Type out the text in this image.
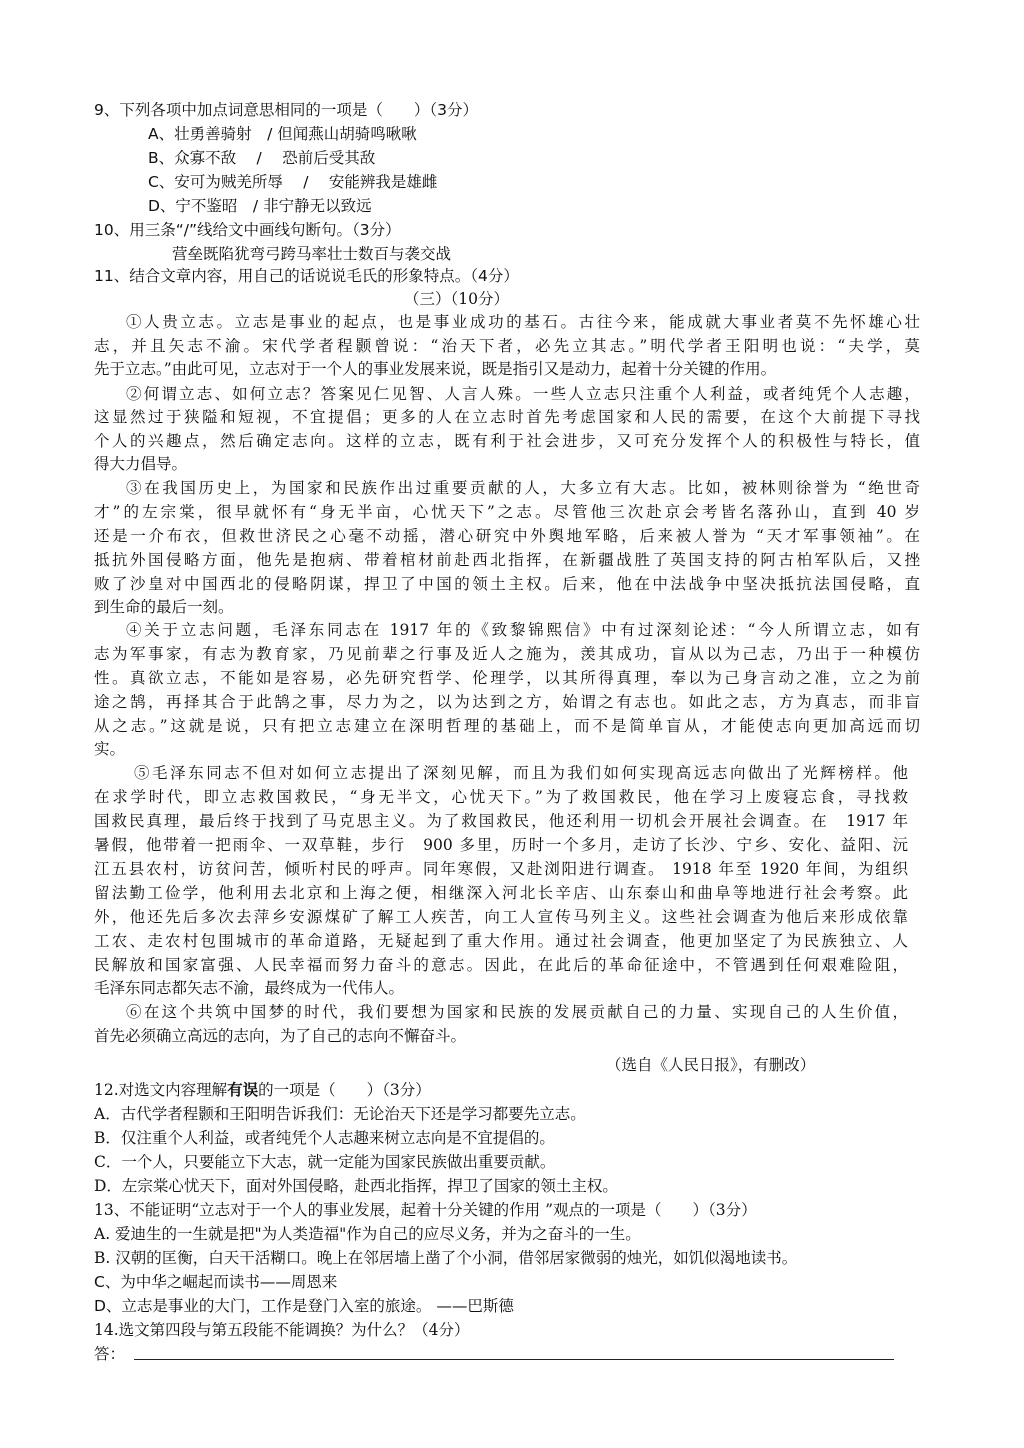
9、下列各项中加点词意思相同的一项是（　　）（3分）
A、壮勇善骑射　/ 但闻燕山胡骑鸣啾啾
B、众寡不敌　 /　 恐前后受其敌
C、安可为贼羌所辱　 /　 安能辨我是雄雌
D、宁不鉴昭　/ 非宁静无以致远
10、用三条“/”线给文中画线句断句。（3分）
营垒既陷犹弯弓跨马率壮士数百与袭交战
11、结合文章内容，用自己的话说说毛氏的形象特点。（4分）
（三）（10分）
①人贵立志。立志是事业的起点，也是事业成功的基石。古往今来，能成就大事业者莫不先怀雄心壮
志，并且矢志不渝。宋代学者程颢曾说：“治天下者，必先立其志。”明代学者王阳明也说：“夫学，莫
先于立志。”由此可见，立志对于一个人的事业发展来说，既是指引又是动力，起着十分关键的作用。
②何谓立志、如何立志？答案见仁见智、人言人殊。一些人立志只注重个人利益，或者纯凭个人志趣，
这显然过于狭隘和短视，不宜提倡；更多的人在立志时首先考虑国家和人民的需要，在这个大前提下寻找
个人的兴趣点，然后确定志向。这样的立志，既有利于社会进步，又可充分发挥个人的积极性与特长，值
得大力倡导。
③在我国历史上，为国家和民族作出过重要贡献的人，大多立有大志。比如，被林则徐誉为 “绝世奇
才”的左宗棠，很早就怀有“身无半亩，心忧天下”之志。尽管他三次赴京会考皆名落孙山，直到 40 岁
还是一介布衣，但救世济民之心毫不动摇，潜心研究中外舆地军略，后来被人誉为 “天才军事领袖”。在
抵抗外国侵略方面，他先是抱病、带着棺材前赴西北指挥，在新疆战胜了英国支持的阿古柏军队后，又挫
败了沙皇对中国西北的侵略阴谋，捍卫了中国的领土主权。后来，他在中法战争中坚决抵抗法国侵略，直
到生命的最后一刻。
④关于立志问题，毛泽东同志在 1917 年的《致黎锦熙信》中有过深刻论述：“今人所谓立志，如有
志为军事家，有志为教育家，乃见前辈之行事及近人之施为，羡其成功，盲从以为己志，乃出于一种模仿
性。真欲立志，不能如是容易，必先研究哲学、伦理学，以其所得真理，奉以为己身言动之准，立之为前
途之鹄，再择其合于此鹄之事，尽力为之，以为达到之方，始谓之有志也。如此之志，方为真志，而非盲
从之志。”这就是说，只有把立志建立在深明哲理的基础上，而不是简单盲从，才能使志向更加高远而切
实。
⑤毛泽东同志不但对如何立志提出了深刻见解，而且为我们如何实现高远志向做出了光辉榜样。他
在求学时代，即立志救国救民，“身无半文，心忧天下。”为了救国救民，他在学习上废寝忘食，寻找救
国救民真理，最后终于找到了马克思主义。为了救国救民，他还利用一切机会开展社会调查。在　1917 年
暑假，他带着一把雨伞、一双草鞋，步行　900 多里，历时一个多月，走访了长沙、宁乡、安化、益阳、沅
江五县农村，访贫问苦，倾听村民的呼声。同年寒假，又赴浏阳进行调查。 1918 年至 1920 年间，为组织
留法勤工俭学，他利用去北京和上海之便，相继深入河北长辛店、山东泰山和曲阜等地进行社会考察。此
外，他还先后多次去萍乡安源煤矿了解工人疾苦，向工人宣传马列主义。这些社会调查为他后来形成依靠
工农、走农村包围城市的革命道路，无疑起到了重大作用。通过社会调查，他更加坚定了为民族独立、人
民解放和国家富强、人民幸福而努力奋斗的意志。因此，在此后的革命征途中，不管遇到任何艰难险阻，
毛泽东同志都矢志不渝，最终成为一代伟人。
⑥在这个共筑中国梦的时代，我们要想为国家和民族的发展贡献自己的力量、实现自己的人生价值，
首先必须确立高远的志向，为了自己的志向不懈奋斗。
（选自《人民日报》，有删改）
12.对选文内容理解有误的一项是（　　）（3分）
A．古代学者程颢和王阳明告诉我们：无论治天下还是学习都要先立志。
B．仅注重个人利益，或者纯凭个人志趣来树立志向是不宜提倡的。
C．一个人，只要能立下大志，就一定能为国家民族做出重要贡献。
D．左宗棠心忧天下，面对外国侵略，赴西北指挥，捍卫了国家的领土主权。
13、不能证明“立志对于一个人的事业发展，起着十分关键的作用 ”观点的一项是（　　）（3分）
A. 爱迪生的一生就是把"为人类造福"作为自己的应尽义务，并为之奋斗的一生。
B. 汉朝的匡衡，白天干活糊口。晚上在邻居墙上凿了个小洞，借邻居家微弱的烛光，如饥似渴地读书。
C、为中华之崛起而读书——周恩来
D、立志是事业的大门，工作是登门入室的旅途。 ——巴斯德
14.选文第四段与第五段能不能调换？为什么？（4分）
答：
